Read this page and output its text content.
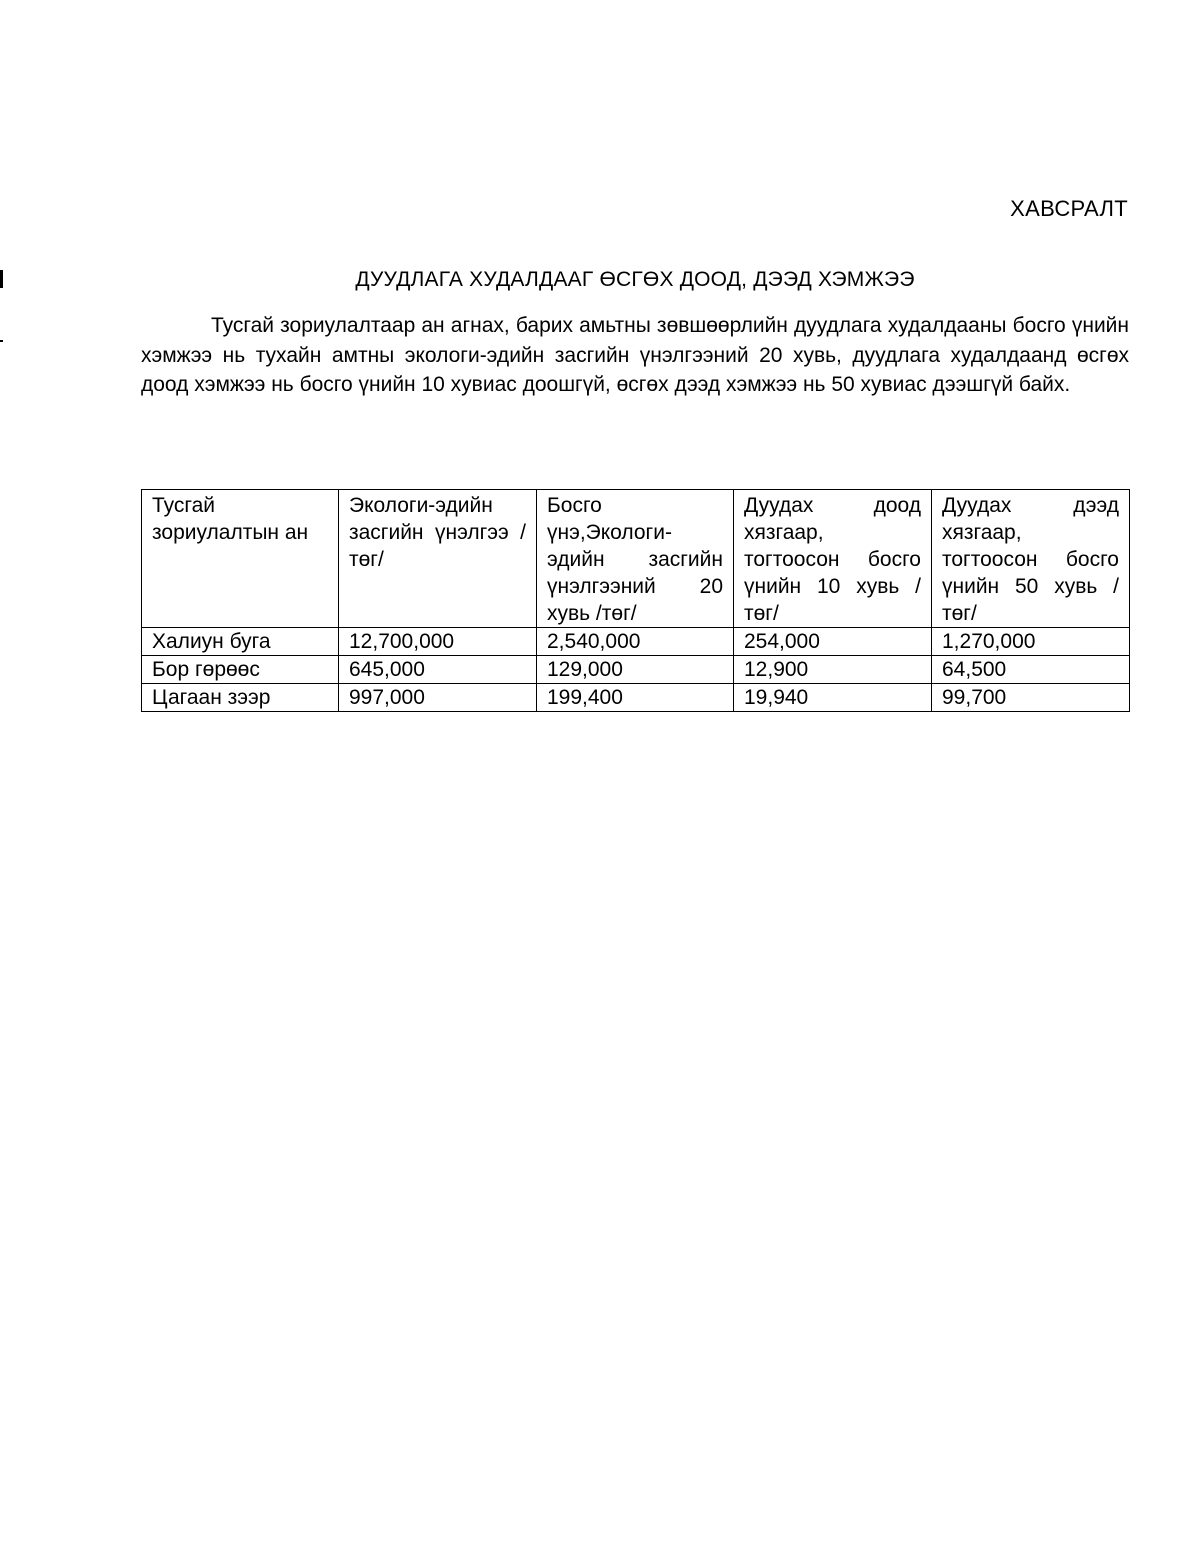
ХАВСРАЛТ
ДУУДЛАГА ХУДАЛДААГ ӨСГӨХ ДООД, ДЭЭД ХЭМЖЭЭ

Тусгай зориулалтаар ан агнах, барих амьтны зөвшөөрлийн дуудлага худалдааны босго үнийн хэмжээ нь тухайн амтны экологи-эдийн засгийн үнэлгээний 20 хувь, дуудлага худалдаанд өсгөх доод хэмжээ нь босго үнийн 10 хувиас доошгүй, өсгөх дээд хэмжээ нь 50 хувиас дээшгүй байх.

Тусгай зориулалтын ан	Экологи-эдийн засгийн үнэлгээ /төг/	Босго үнэ,Экологи-эдийн засгийн үнэлгээний 20 хувь /төг/	Дуудах доод хязгаар, тогтоосон босго үнийн 10 хувь /төг/	Дуудах дээд хязгаар, тогтоосон босго үнийн 50 хувь /төг/
Халиун буга	12,700,000	2,540,000	254,000	1,270,000
Бор гөрөөс	645,000	129,000	12,900	64,500
Цагаан зээр	997,000	199,400	19,940	99,700
